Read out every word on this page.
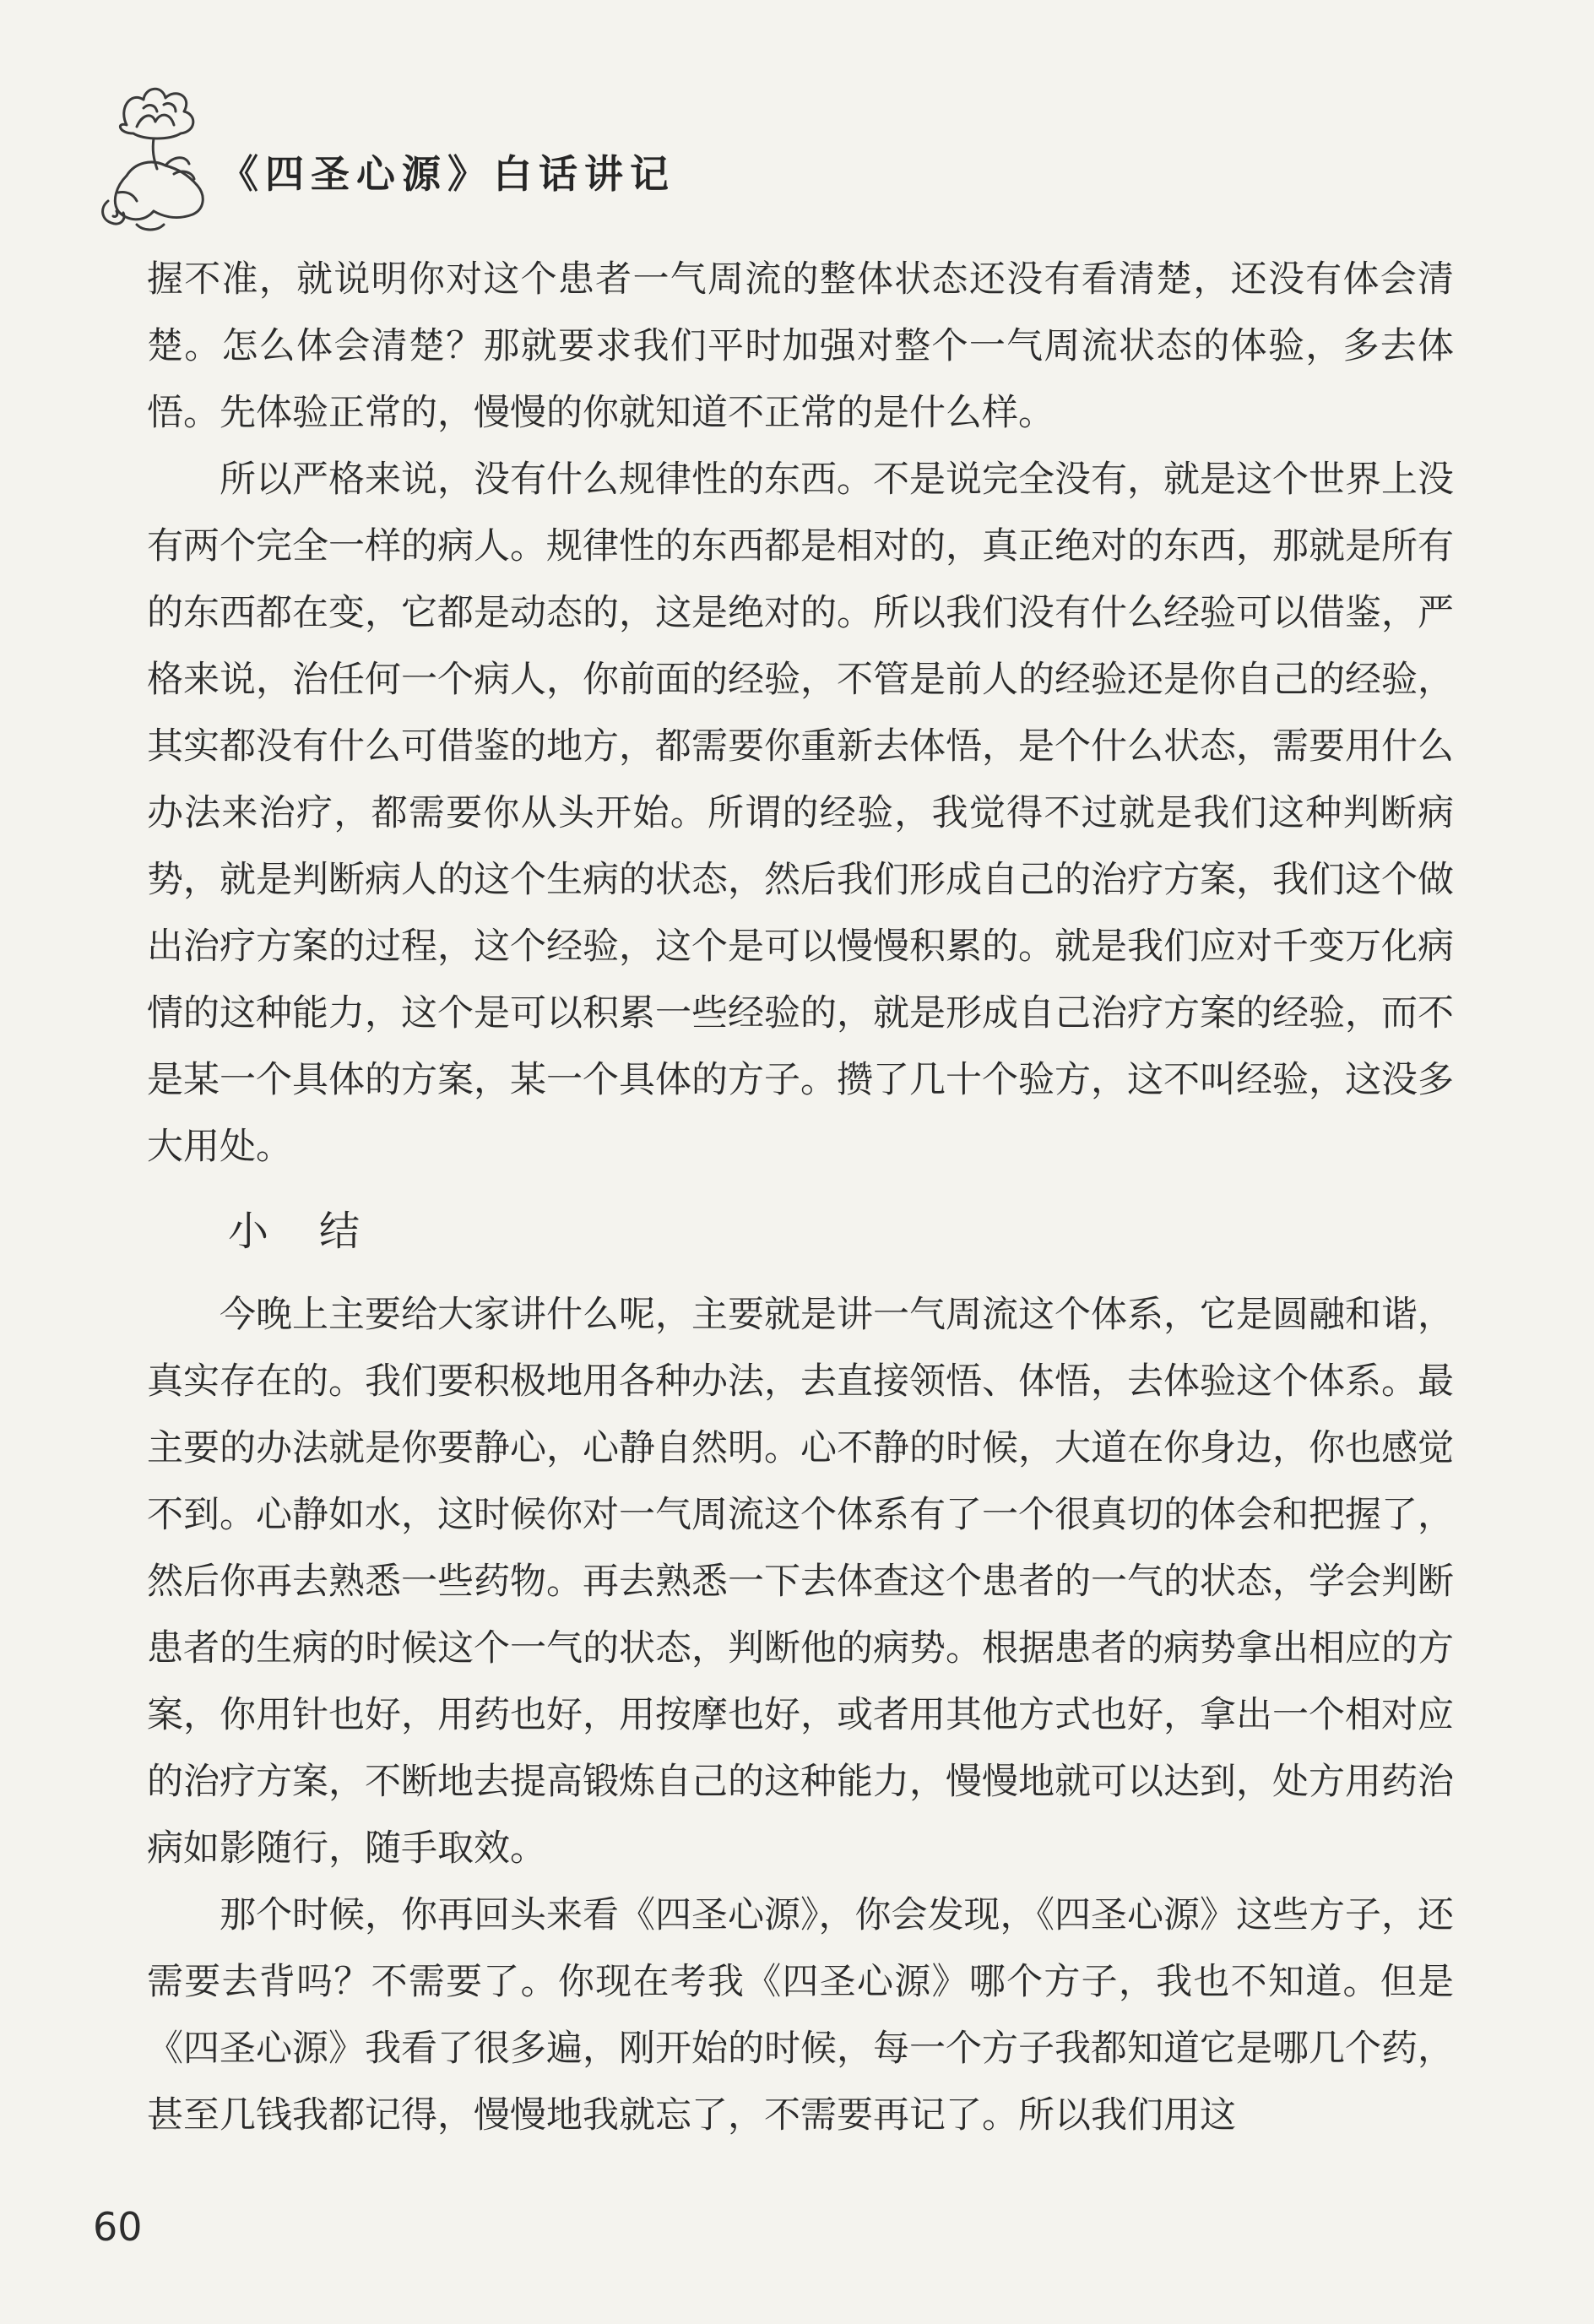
《四圣心源》白话讲记

握不准，就说明你对这个患者一气周流的整体状态还没有看清楚，还没有体会清楚。怎么体会清楚？那就要求我们平时加强对整个一气周流状态的体验，多去体悟。先体验正常的，慢慢的你就知道不正常的是什么样。

所以严格来说，没有什么规律性的东西。不是说完全没有，就是这个世界上没有两个完全一样的病人。规律性的东西都是相对的，真正绝对的东西，那就是所有的东西都在变，它都是动态的，这是绝对的。所以我们没有什么经验可以借鉴，严格来说，治任何一个病人，你前面的经验，不管是前人的经验还是你自己的经验，其实都没有什么可借鉴的地方，都需要你重新去体悟，是个什么状态，需要用什么办法来治疗，都需要你从头开始。所谓的经验，我觉得不过就是我们这种判断病势，就是判断病人的这个生病的状态，然后我们形成自己的治疗方案，我们这个做出治疗方案的过程，这个经验，这个是可以慢慢积累的。就是我们应对千变万化病情的这种能力，这个是可以积累一些经验的，就是形成自己治疗方案的经验，而不是某一个具体的方案，某一个具体的方子。攒了几十个验方，这不叫经验，这没多大用处。

小结

今晚上主要给大家讲什么呢，主要就是讲一气周流这个体系，它是圆融和谐，真实存在的。我们要积极地用各种办法，去直接领悟、体悟，去体验这个体系。最主要的办法就是你要静心，心静自然明。心不静的时候，大道在你身边，你也感觉不到。心静如水，这时候你对一气周流这个体系有了一个很真切的体会和把握了，然后你再去熟悉一些药物。再去熟悉一下去体查这个患者的一气的状态，学会判断患者的生病的时候这个一气的状态，判断他的病势。根据患者的病势拿出相应的方案，你用针也好，用药也好，用按摩也好，或者用其他方式也好，拿出一个相对应的治疗方案，不断地去提高锻炼自己的这种能力，慢慢地就可以达到，处方用药治病如影随行，随手取效。

那个时候，你再回头来看《四圣心源》，你会发现，《四圣心源》这些方子，还需要去背吗？不需要了。你现在考我《四圣心源》哪个方子，我也不知道。但是《四圣心源》我看了很多遍，刚开始的时候，每一个方子我都知道它是哪几个药，甚至几钱我都记得，慢慢地我就忘了，不需要再记了。所以我们用这

60
